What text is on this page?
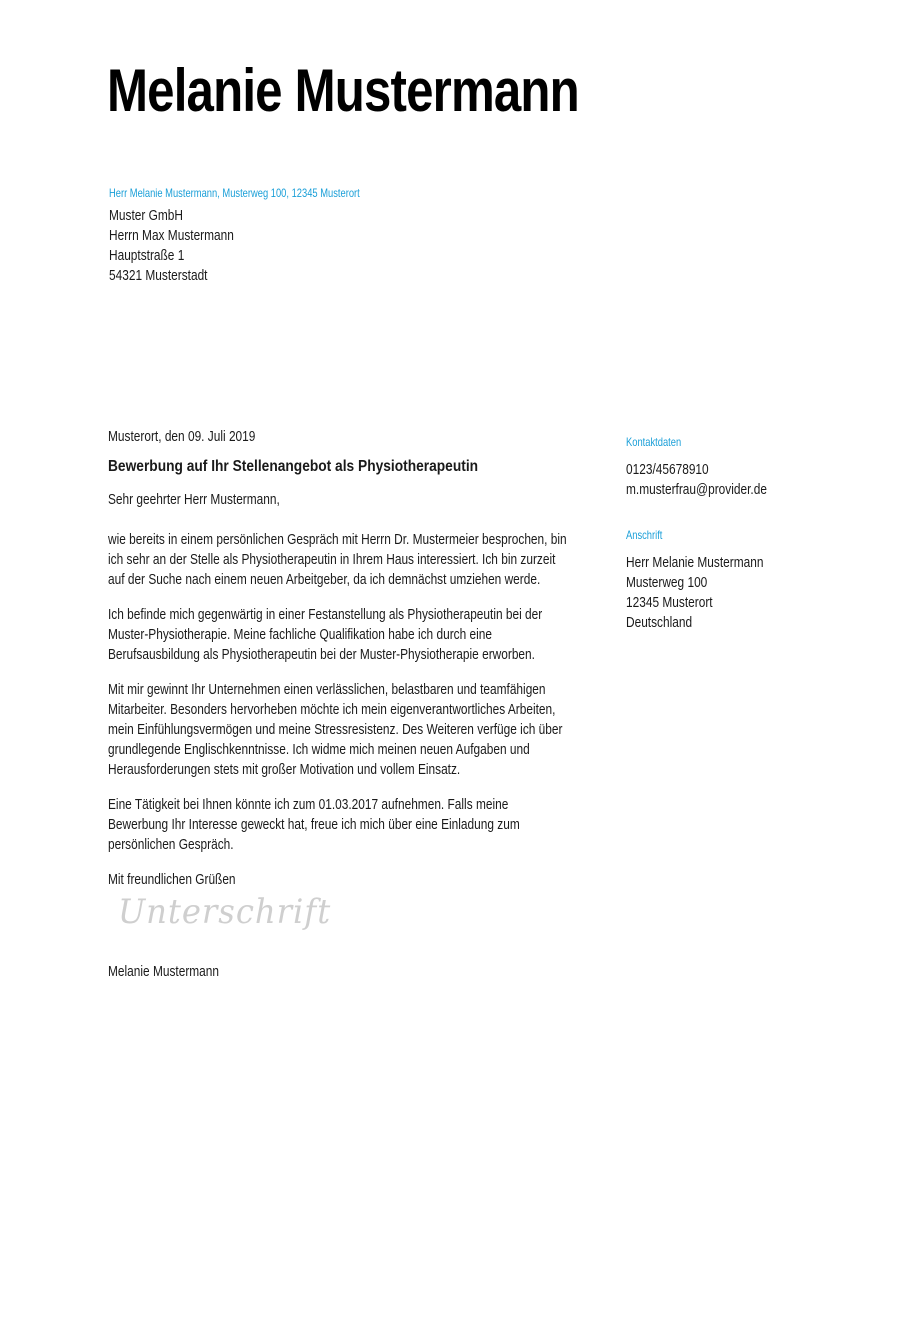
Melanie Mustermann
Herr Melanie Mustermann, Musterweg 100, 12345 Musterort
Muster GmbH
Herrn Max Mustermann
Hauptstraße 1
54321 Musterstadt
Musterort, den 09. Juli 2019
Bewerbung auf Ihr Stellenangebot als Physiotherapeutin
Sehr geehrter Herr Mustermann,
wie bereits in einem persönlichen Gespräch mit Herrn Dr. Mustermeier besprochen, bin
ich sehr an der Stelle als Physiotherapeutin in Ihrem Haus interessiert. Ich bin zurzeit
auf der Suche nach einem neuen Arbeitgeber, da ich demnächst umziehen werde.
Ich befinde mich gegenwärtig in einer Festanstellung als Physiotherapeutin bei der
Muster-Physiotherapie. Meine fachliche Qualifikation habe ich durch eine
Berufsausbildung als Physiotherapeutin bei der Muster-Physiotherapie erworben.
Mit mir gewinnt Ihr Unternehmen einen verlässlichen, belastbaren und teamfähigen
Mitarbeiter. Besonders hervorheben möchte ich mein eigenverantwortliches Arbeiten,
mein Einfühlungsvermögen und meine Stressresistenz. Des Weiteren verfüge ich über
grundlegende Englischkenntnisse. Ich widme mich meinen neuen Aufgaben und
Herausforderungen stets mit großer Motivation und vollem Einsatz.
Eine Tätigkeit bei Ihnen könnte ich zum 01.03.2017 aufnehmen. Falls meine
Bewerbung Ihr Interesse geweckt hat, freue ich mich über eine Einladung zum
persönlichen Gespräch.
Mit freundlichen Grüßen
Unterschrift
Melanie Mustermann
Kontaktdaten
0123/45678910
m.musterfrau@provider.de
Anschrift
Herr Melanie Mustermann
Musterweg 100
12345 Musterort
Deutschland
